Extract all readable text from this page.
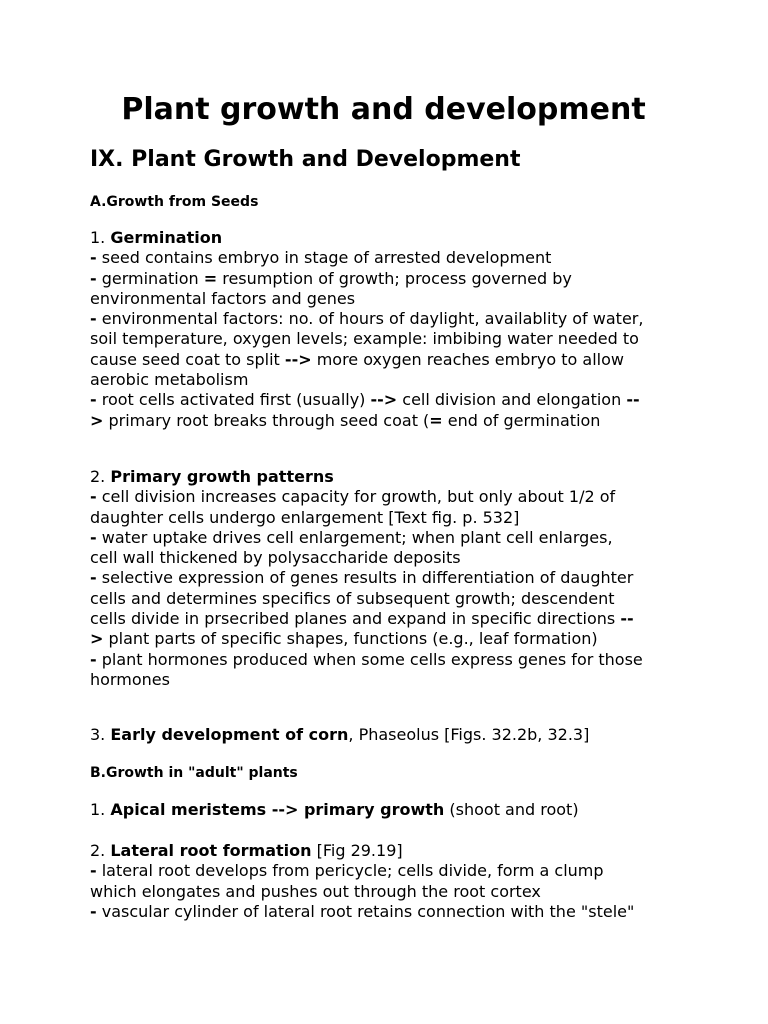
Plant growth and development
IX. Plant Growth and Development
A.Growth from Seeds
1. Germination
- seed contains embryo in stage of arrested development
- germination = resumption of growth; process governed by
environmental factors and genes
- environmental factors: no. of hours of daylight, availablity of water,
soil temperature, oxygen levels; example: imbibing water needed to
cause seed coat to split --> more oxygen reaches embryo to allow
aerobic metabolism
- root cells activated first (usually) --> cell division and elongation --
> primary root breaks through seed coat (= end of germination
2. Primary growth patterns
- cell division increases capacity for growth, but only about 1/2 of
daughter cells undergo enlargement [Text fig. p. 532]
- water uptake drives cell enlargement; when plant cell enlarges,
cell wall thickened by polysaccharide deposits
- selective expression of genes results in differentiation of daughter
cells and determines specifics of subsequent growth; descendent
cells divide in prsecribed planes and expand in specific directions --
> plant parts of specific shapes, functions (e.g., leaf formation)
- plant hormones produced when some cells express genes for those
hormones
3. Early development of corn, Phaseolus [Figs. 32.2b, 32.3]
B.Growth in "adult" plants
1. Apical meristems --> primary growth (shoot and root)
2. Lateral root formation [Fig 29.19]
- lateral root develops from pericycle; cells divide, form a clump
which elongates and pushes out through the root cortex
- vascular cylinder of lateral root retains connection with the "stele"
